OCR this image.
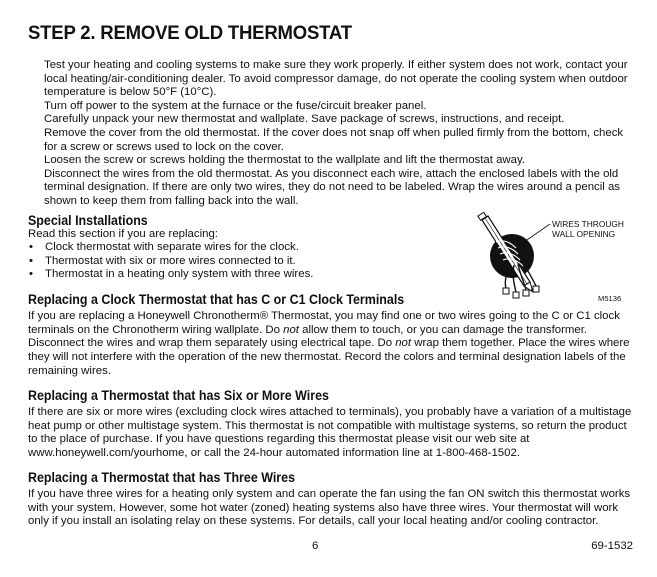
STEP 2. REMOVE OLD THERMOSTAT

Test your heating and cooling systems to make sure they work properly. If either system does not work, contact your local heating/air-conditioning dealer. To avoid compressor damage, do not operate the cooling system when outdoor temperature is below 50°F (10°C).

Turn off power to the system at the furnace or the fuse/circuit breaker panel.

Carefully unpack your new thermostat and wallplate. Save package of screws, instructions, and receipt.

Remove the cover from the old thermostat. If the cover does not snap off when pulled firmly from the bottom, check for a screw or screws used to lock on the cover.

Loosen the screw or screws holding the thermostat to the wallplate and lift the thermostat away.

Disconnect the wires from the old thermostat. As you disconnect each wire, attach the enclosed labels with the old terminal designation. If there are only two wires, they do not need to be labeled. Wrap the wires around a pencil as shown to keep them from falling back into the wall.

Special Installations

Read this section if you are replacing:

• Clock thermostat with separate wires for the clock.
• Thermostat with six or more wires connected to it.
• Thermostat in a heating only system with three wires.
WIRES THROUGH
WALL OPENING
M5136
Replacing a Clock Thermostat that has C or C1 Clock Terminals

If you are replacing a Honeywell Chronotherm® Thermostat, you may find one or two wires going to the C or C1 clock terminals on the Chronotherm wiring wallplate. Do not allow them to touch, or you can damage the transformer. Disconnect the wires and wrap them separately using electrical tape. Do not wrap them together. Place the wires where they will not interfere with the operation of the new thermostat. Record the colors and terminal designation labels of the remaining wires.

Replacing a Thermostat that has Six or More Wires

If there are six or more wires (excluding clock wires attached to terminals), you probably have a variation of a multistage heat pump or other multistage system. This thermostat is not compatible with multistage systems, so return the product to the place of purchase. If you have questions regarding this thermostat please visit our web site at www.honeywell.com/yourhome, or call the 24-hour automated information line at 1-800-468-1502.

Replacing a Thermostat that has Three Wires

If you have three wires for a heating only system and can operate the fan using the fan ON switch this thermostat works with your system. However, some hot water (zoned) heating systems also have three wires. Your thermostat will work only if you install an isolating relay on these systems. For details, call your local heating and/or cooling contractor.

6	69-1532
